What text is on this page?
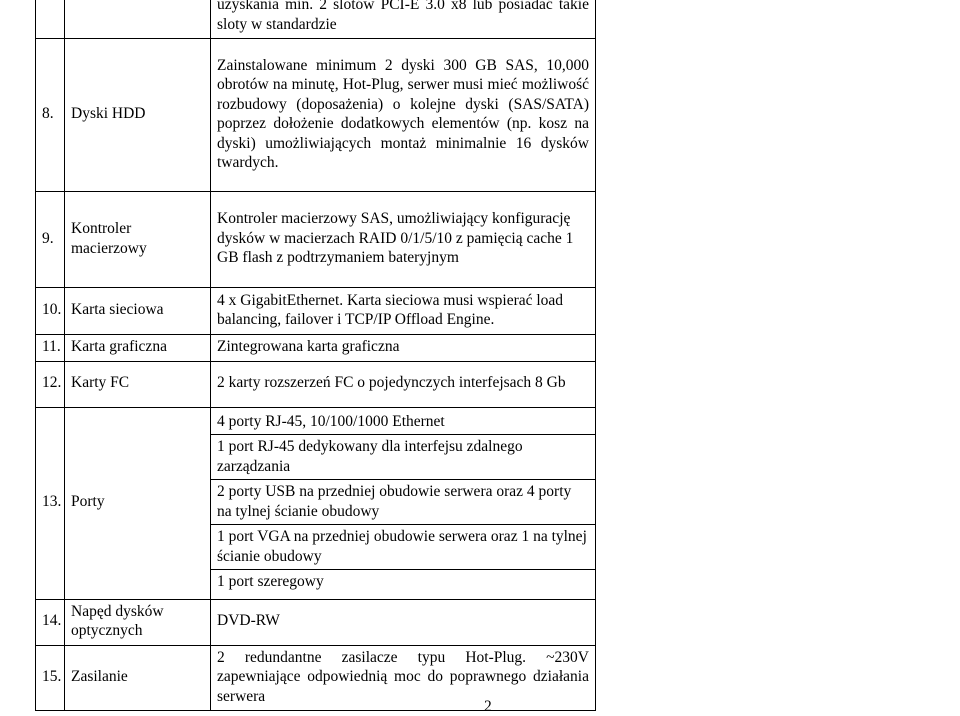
		uzyskania min. 2 slotów PCI-E 3.0 x8 lub posiadać takie sloty w standardzie

8.	Dyski HDD	Zainstalowane minimum 2 dyski 300 GB SAS, 10,000 obrotów na minutę, Hot-Plug, serwer musi mieć możliwość rozbudowy (doposażenia) o kolejne dyski (SAS/SATA) poprzez dołożenie dodatkowych elementów (np. kosz na dyski) umożliwiających montaż minimalnie 16 dysków twardych.

9.	Kontroler macierzowy	Kontroler macierzowy SAS, umożliwiający konfigurację dysków w macierzach RAID 0/1/5/10 z pamięcią cache 1 GB flash z podtrzymaniem bateryjnym

10.	Karta sieciowa	4 x GigabitEthernet. Karta sieciowa musi wspierać load balancing, failover i TCP/IP Offload Engine.

11.	Karta graficzna	Zintegrowana karta graficzna

12.	Karty FC	2 karty rozszerzeń FC o pojedynczych interfejsach 8 Gb

13.	Porty	4 porty RJ-45, 10/100/1000 Ethernet
1 port RJ-45 dedykowany dla interfejsu zdalnego zarządzania
2 porty USB na przedniej obudowie serwera oraz 4 porty na tylnej ścianie obudowy
1 port VGA na przedniej obudowie serwera oraz 1 na tylnej ścianie obudowy
1 port szeregowy

14.	Napęd dysków optycznych	DVD-RW

15.	Zasilanie	2 redundantne zasilacze typu Hot-Plug. ~230V zapewniające odpowiednią moc do poprawnego działania serwera
2
